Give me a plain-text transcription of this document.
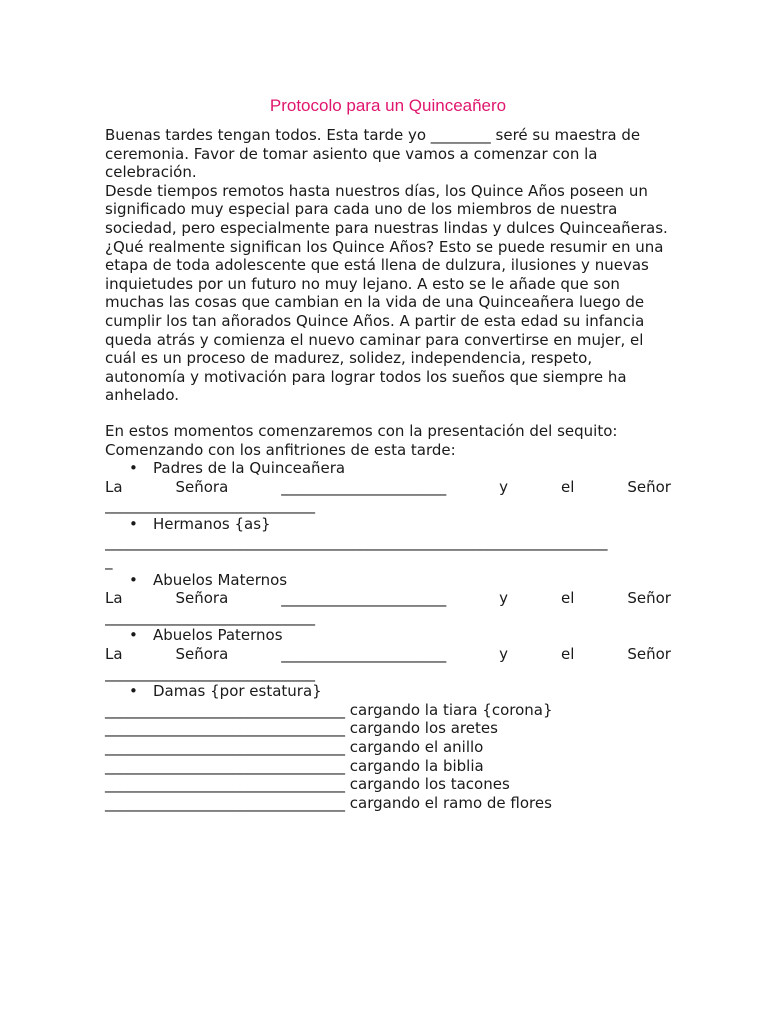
Protocolo para un Quinceañero

Buenas tardes tengan todos. Esta tarde yo ________ seré su maestra de ceremonia. Favor de tomar asiento que vamos a comenzar con la celebración.

Desde tiempos remotos hasta nuestros días, los Quince Años poseen un significado muy especial para cada uno de los miembros de nuestra sociedad, pero especialmente para nuestras lindas y dulces Quinceañeras.

¿Qué realmente significan los Quince Años? Esto se puede resumir en una etapa de toda adolescente que está llena de dulzura, ilusiones y nuevas inquietudes por un futuro no muy lejano. A esto se le añade que son muchas las cosas que cambian en la vida de una Quinceañera luego de cumplir los tan añorados Quince Años. A partir de esta edad su infancia queda atrás y comienza el nuevo caminar para convertirse en mujer, el cuál es un proceso de madurez, solidez, independencia, respeto, autonomía y motivación para lograr todos los sueños que siempre ha anhelado.

En estos momentos comenzaremos con la presentación del sequito:

Comenzando con los anfitriones de esta tarde:

• Padres de la Quinceañera
La	Señora	______________________	y	el	Señor
____________________________
• Hermanos {as}
___________________________________________________________________
_
• Abuelos Maternos
La	Señora	______________________	y	el	Señor
____________________________
• Abuelos Paternos
La	Señora	______________________	y	el	Señor
____________________________
• Damas {por estatura}
________________________________ cargando la tiara {corona}
________________________________ cargando los aretes
________________________________ cargando el anillo
________________________________ cargando la biblia
________________________________ cargando los tacones
________________________________ cargando el ramo de flores
